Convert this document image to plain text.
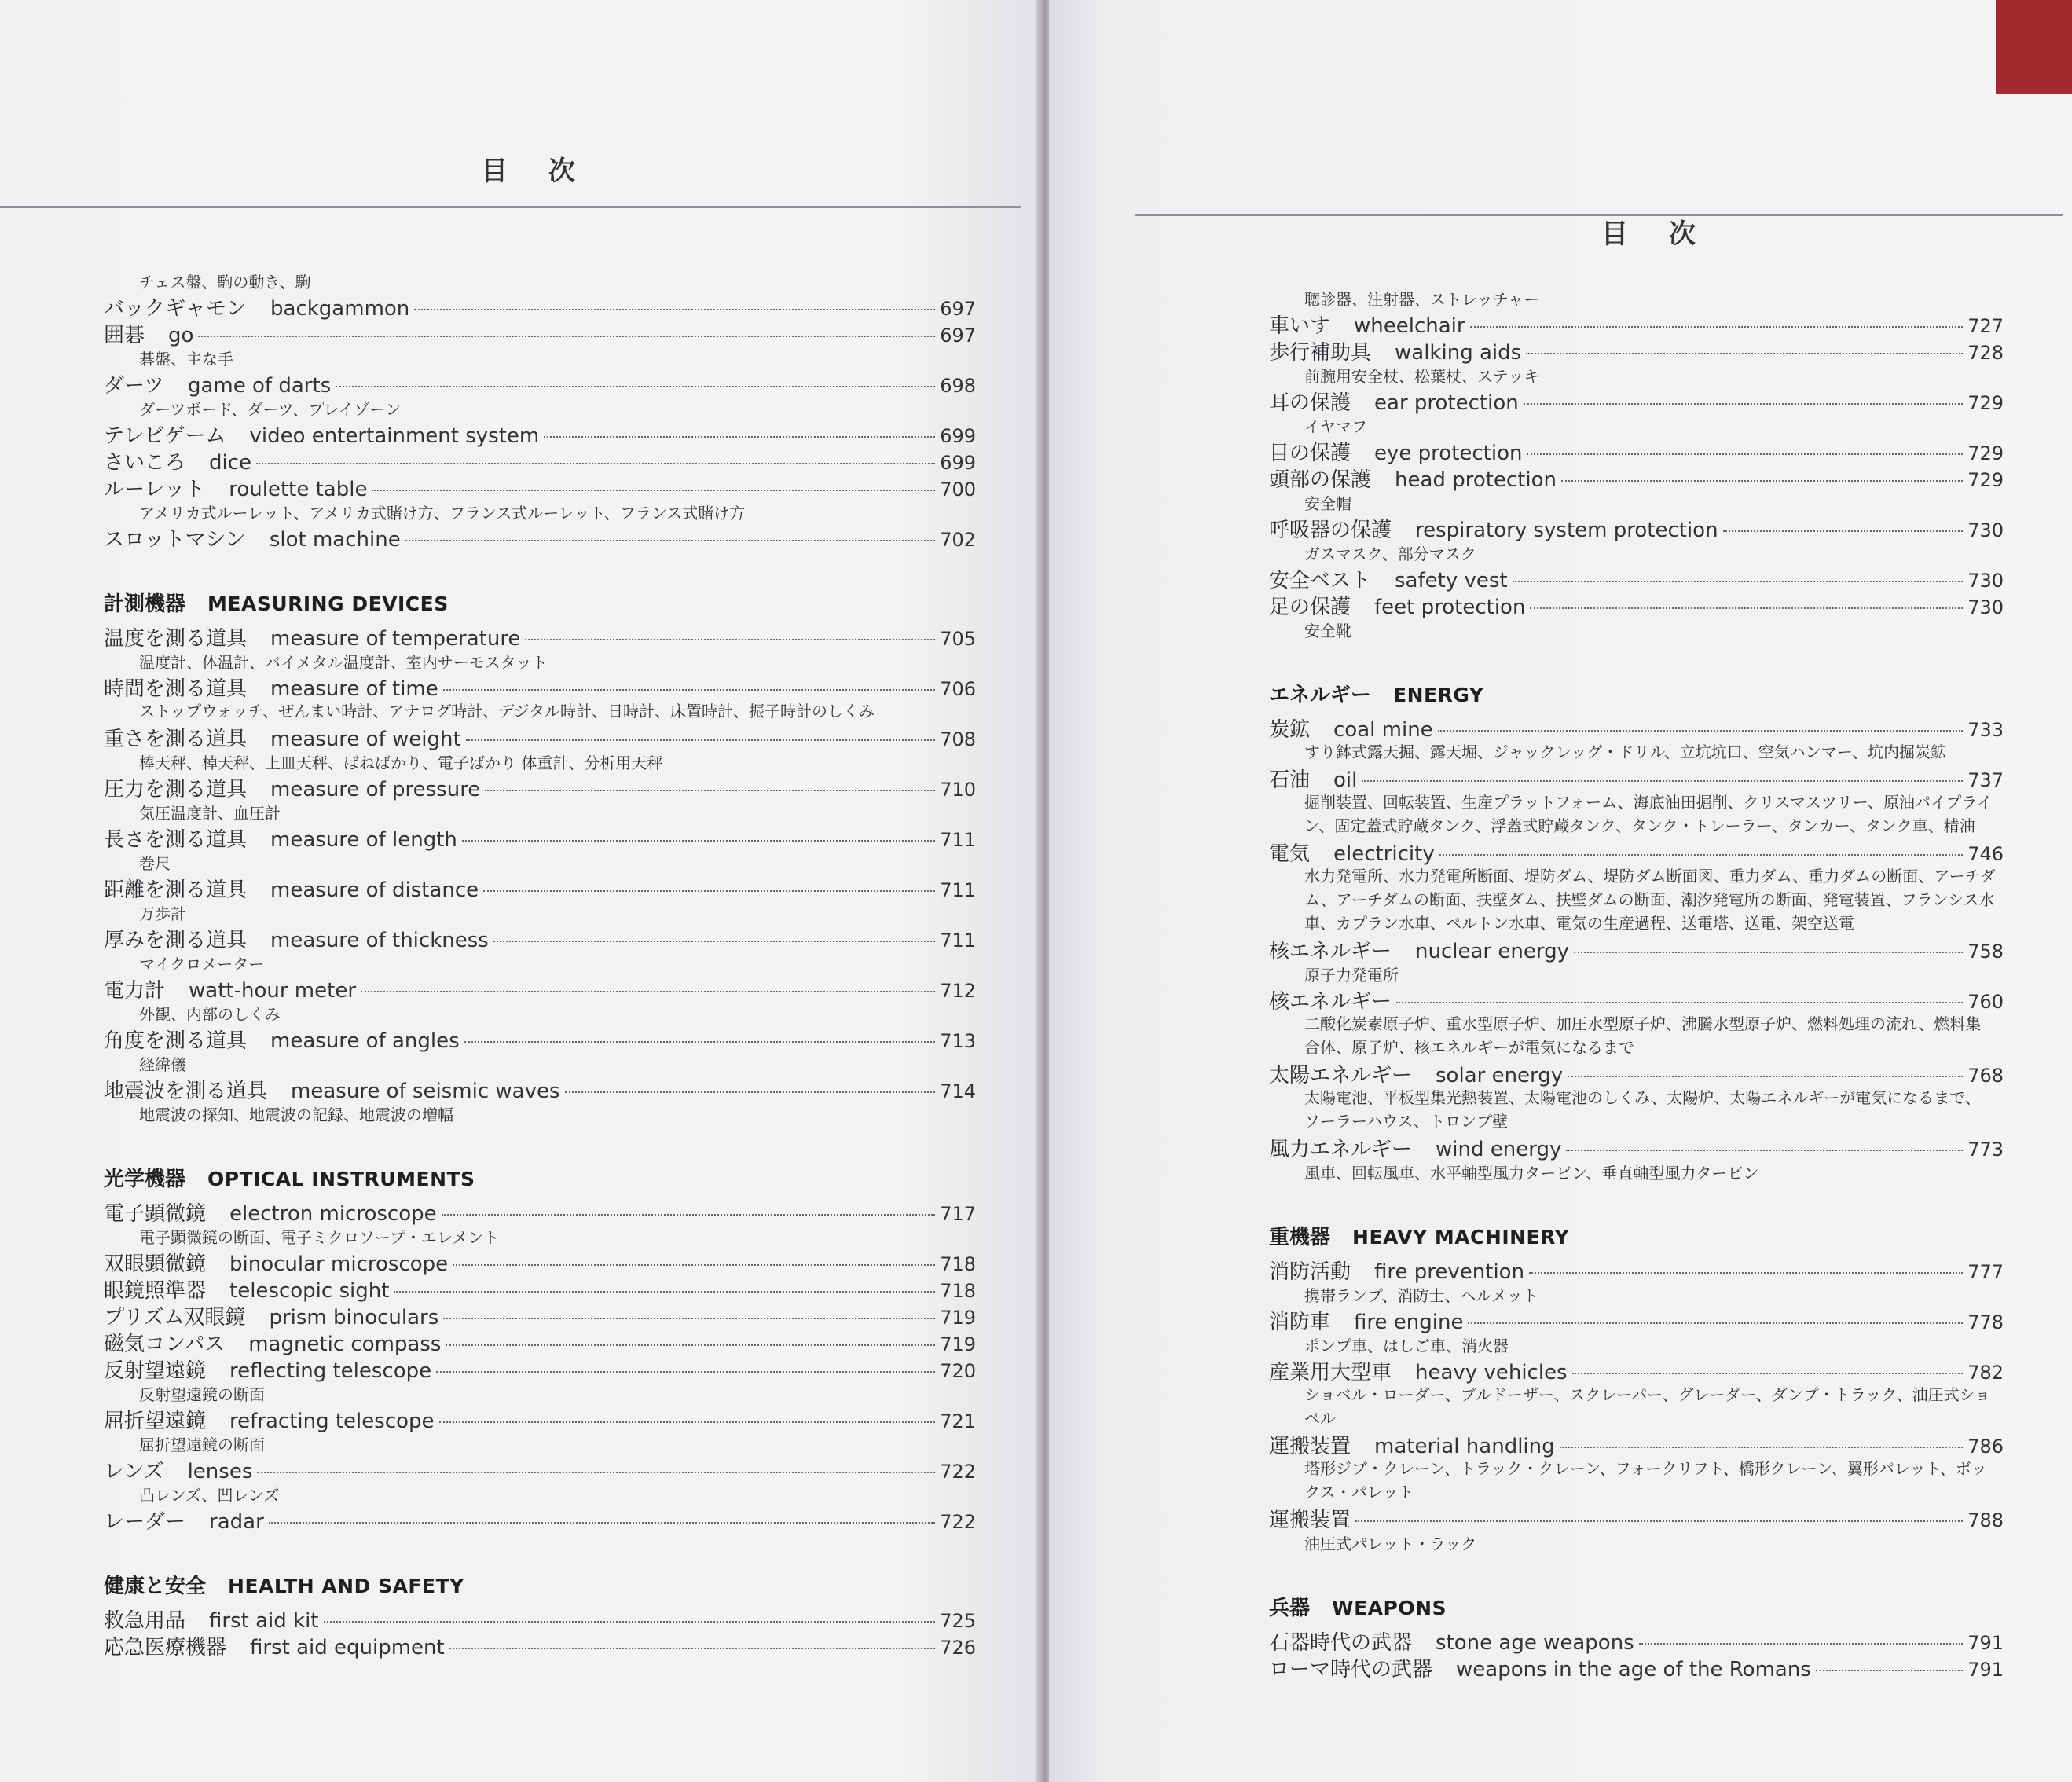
目 次
チェス盤、駒の動き、駒
バックギャモン backgammon	697
囲碁 go	697
碁盤、主な手
ダーツ game of darts	698
ダーツボード、ダーツ、プレイゾーン
テレビゲーム video entertainment system	699
さいころ dice	699
ルーレット roulette table	700
アメリカ式ルーレット、アメリカ式賭け方、フランス式ルーレット、フランス式賭け方
スロットマシン slot machine	702
計測機器 MEASURING DEVICES
温度を測る道具 measure of temperature	705
温度計、体温計、バイメタル温度計、室内サーモスタット
時間を測る道具 measure of time	706
ストップウォッチ、ぜんまい時計、アナログ時計、デジタル時計、日時計、床置時計、振子時計のしくみ
重さを測る道具 measure of weight	708
棒天秤、棹天秤、上皿天秤、ばねばかり、電子ばかり 体重計、分析用天秤
圧力を測る道具 measure of pressure	710
気圧温度計、血圧計
長さを測る道具 measure of length	711
巻尺
距離を測る道具 measure of distance	711
万歩計
厚みを測る道具 measure of thickness	711
マイクロメーター
電力計 watt-hour meter	712
外観、内部のしくみ
角度を測る道具 measure of angles	713
経緯儀
地震波を測る道具 measure of seismic waves	714
地震波の探知、地震波の記録、地震波の増幅
光学機器 OPTICAL INSTRUMENTS
電子顕微鏡 electron microscope	717
電子顕微鏡の断面、電子ミクロソープ・エレメント
双眼顕微鏡 binocular microscope	718
眼鏡照準器 telescopic sight	718
プリズム双眼鏡 prism binoculars	719
磁気コンパス magnetic compass	719
反射望遠鏡 reflecting telescope	720
反射望遠鏡の断面
屈折望遠鏡 refracting telescope	721
屈折望遠鏡の断面
レンズ lenses	722
凸レンズ、凹レンズ
レーダー radar	722
健康と安全 HEALTH AND SAFETY
救急用品 first aid kit	725
応急医療機器 first aid equipment	726
目 次
聴診器、注射器、ストレッチャー
車いす wheelchair	727
歩行補助具 walking aids	728
前腕用安全杖、松葉杖、ステッキ
耳の保護 ear protection	729
イヤマフ
目の保護 eye protection	729
頭部の保護 head protection	729
安全帽
呼吸器の保護 respiratory system protection	730
ガスマスク、部分マスク
安全ベスト safety vest	730
足の保護 feet protection	730
安全靴
エネルギー ENERGY
炭鉱 coal mine	733
すり鉢式露天掘、露天堀、ジャックレッグ・ドリル、立坑坑口、空気ハンマー、坑内掘炭鉱
石油 oil	737
掘削装置、回転装置、生産プラットフォーム、海底油田掘削、クリスマスツリー、原油パイプライン、固定蓋式貯蔵タンク、浮蓋式貯蔵タンク、タンク・トレーラー、タンカー、タンク車、精油
電気 electricity	746
水力発電所、水力発電所断面、堤防ダム、堤防ダム断面図、重力ダム、重力ダムの断面、アーチダム、アーチダムの断面、扶壁ダム、扶壁ダムの断面、潮汐発電所の断面、発電装置、フランシス水車、カプラン水車、ペルトン水車、電気の生産過程、送電塔、送電、架空送電
核エネルギー nuclear energy	758
原子力発電所
核エネルギー	760
二酸化炭素原子炉、重水型原子炉、加圧水型原子炉、沸騰水型原子炉、燃料処理の流れ、燃料集合体、原子炉、核エネルギーが電気になるまで
太陽エネルギー solar energy	768
太陽電池、平板型集光熱装置、太陽電池のしくみ、太陽炉、太陽エネルギーが電気になるまで、ソーラーハウス、トロンブ壁
風力エネルギー wind energy	773
風車、回転風車、水平軸型風力タービン、垂直軸型風力タービン
重機器 HEAVY MACHINERY
消防活動 fire prevention	777
携帯ランプ、消防士、ヘルメット
消防車 fire engine	778
ポンプ車、はしご車、消火器
産業用大型車 heavy vehicles	782
ショベル・ローダー、ブルドーザー、スクレーパー、グレーダー、ダンプ・トラック、油圧式ショベル
運搬装置 material handling	786
塔形ジブ・クレーン、トラック・クレーン、フォークリフト、橋形クレーン、翼形パレット、ボックス・パレット
運搬装置	788
油圧式パレット・ラック
兵器 WEAPONS
石器時代の武器 stone age weapons	791
ローマ時代の武器 weapons in the age of the Romans	791
